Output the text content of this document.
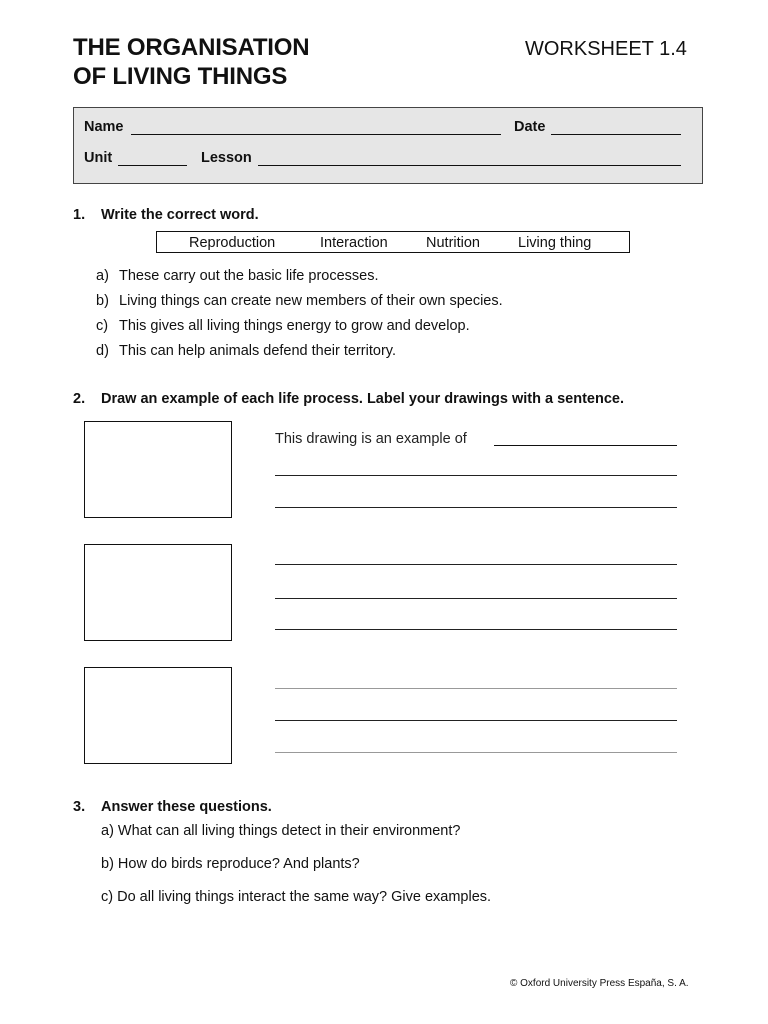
THE ORGANISATION
OF LIVING THINGS
WORKSHEET 1.4
Name	Date
Unit	Lesson
1. Write the correct word.
Reproduction	Interaction	Nutrition	Living thing
a) These carry out the basic life processes.
b) Living things can create new members of their own species.
c) This gives all living things energy to grow and develop.
d) This can help animals defend their territory.
2. Draw an example of each life process. Label your drawings with a sentence.
This drawing is an example of
3. Answer these questions.
a) What can all living things detect in their environment?
b) How do birds reproduce? And plants?
c) Do all living things interact the same way? Give examples.
© Oxford University Press España, S. A.
